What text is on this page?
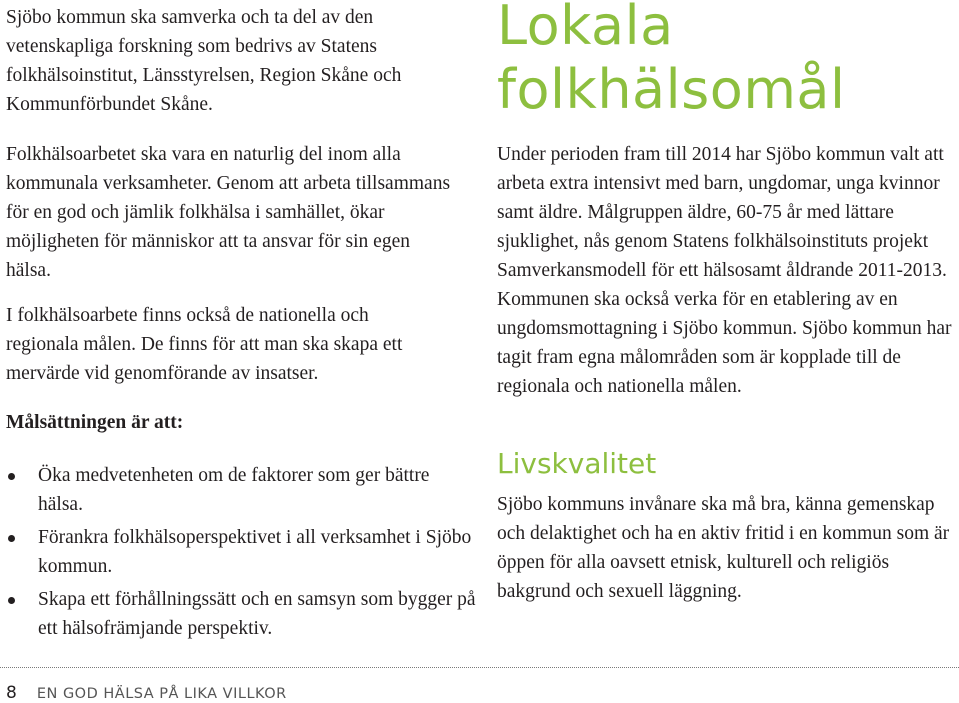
Sjöbo kommun ska samverka och ta del av den vetenskapliga forskning som bedrivs av Statens folkhälsoinstitut, Länsstyrelsen, Region Skåne och Kommunförbundet Skåne.

Folkhälsoarbetet ska vara en naturlig del inom alla kommunala verksamheter. Genom att arbeta tillsammans för en god och jämlik folkhälsa i samhället, ökar möjligheten för människor att ta ansvar för sin egen hälsa.

I folkhälsoarbete finns också de nationella och regionala målen. De finns för att man ska skapa ett mervärde vid genomförande av insatser.

Målsättningen är att:

Öka medvetenheten om de faktorer som ger bättre hälsa.
Förankra folkhälsoperspektivet i all verksamhet i Sjöbo kommun.
Skapa ett förhållningssätt och en samsyn som bygger på ett hälsofrämjande perspektiv.
Lokala
folkhälsomål

Under perioden fram till 2014 har Sjöbo kommun valt att arbeta extra intensivt med barn, ungdomar, unga kvinnor samt äldre. Målgruppen äldre, 60-75 år med lättare sjuklighet, nås genom Statens folkhälsoinstituts projekt Samverkansmodell för ett hälsosamt åldrande 2011-2013. Kommunen ska också verka för en etablering av en ungdomsmottagning i Sjöbo kommun. Sjöbo kommun har tagit fram egna målområden som är kopplade till de regionala och nationella målen.

Livskvalitet

Sjöbo kommuns invånare ska må bra, känna gemenskap och delaktighet och ha en aktiv fritid i en kommun som är öppen för alla oavsett etnisk, kulturell och religiös bakgrund och sexuell läggning.

8 EN GOD HÄLSA PÅ LIKA VILLKOR
